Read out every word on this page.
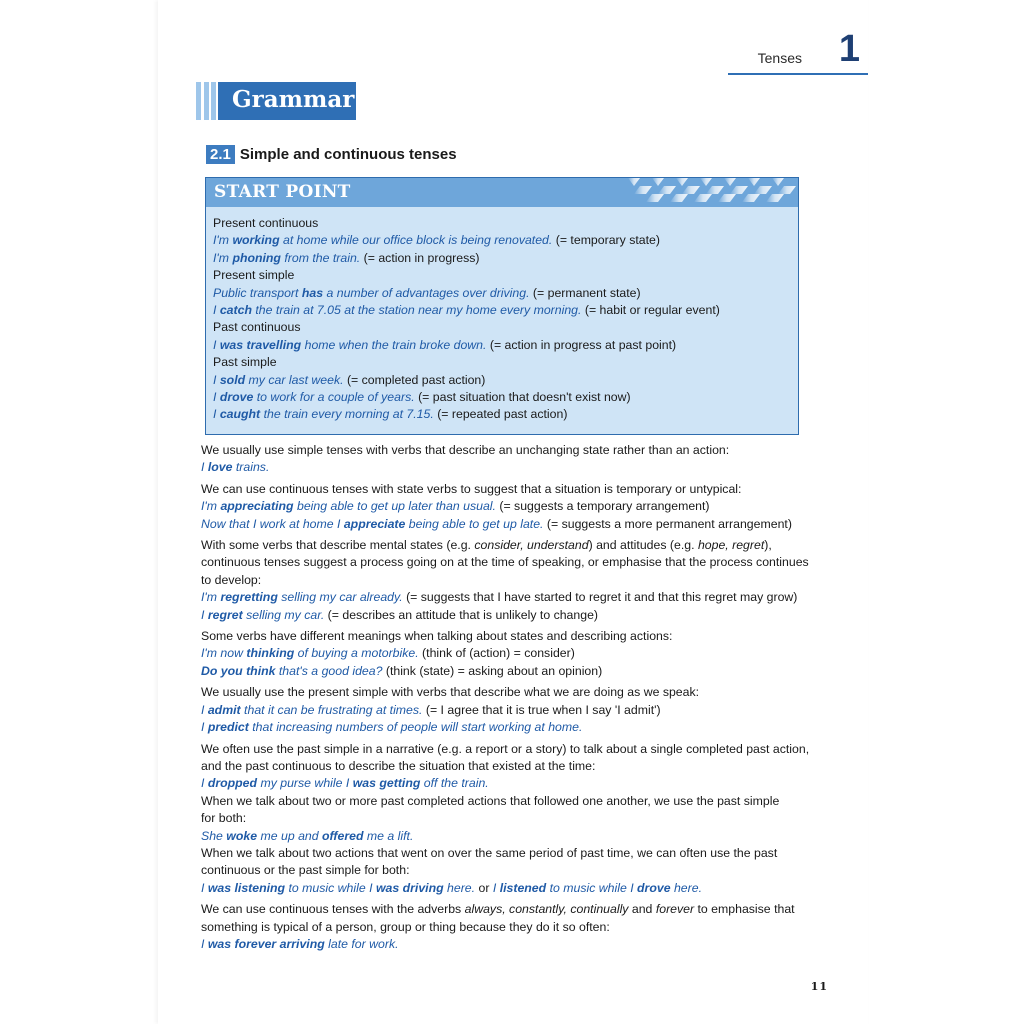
Tenses 1
Grammar
2.1 Simple and continuous tenses
START POINT
Present continuous
I'm working at home while our office block is being renovated. (= temporary state)
I'm phoning from the train. (= action in progress)
Present simple
Public transport has a number of advantages over driving. (= permanent state)
I catch the train at 7.05 at the station near my home every morning. (= habit or regular event)
Past continuous
I was travelling home when the train broke down. (= action in progress at past point)
Past simple
I sold my car last week. (= completed past action)
I drove to work for a couple of years. (= past situation that doesn't exist now)
I caught the train every morning at 7.15. (= repeated past action)
We usually use simple tenses with verbs that describe an unchanging state rather than an action:
I love trains.
We can use continuous tenses with state verbs to suggest that a situation is temporary or untypical:
I'm appreciating being able to get up later than usual. (= suggests a temporary arrangement)
Now that I work at home I appreciate being able to get up late. (= suggests a more permanent arrangement)
With some verbs that describe mental states (e.g. consider, understand) and attitudes (e.g. hope, regret),
continuous tenses suggest a process going on at the time of speaking, or emphasise that the process continues
to develop:
I'm regretting selling my car already. (= suggests that I have started to regret it and that this regret may grow)
I regret selling my car. (= describes an attitude that is unlikely to change)
Some verbs have different meanings when talking about states and describing actions:
I'm now thinking of buying a motorbike. (think of (action) = consider)
Do you think that's a good idea? (think (state) = asking about an opinion)
We usually use the present simple with verbs that describe what we are doing as we speak:
I admit that it can be frustrating at times. (= I agree that it is true when I say 'I admit')
I predict that increasing numbers of people will start working at home.
We often use the past simple in a narrative (e.g. a report or a story) to talk about a single completed past action,
and the past continuous to describe the situation that existed at the time:
I dropped my purse while I was getting off the train.
When we talk about two or more past completed actions that followed one another, we use the past simple
for both:
She woke me up and offered me a lift.
When we talk about two actions that went on over the same period of past time, we can often use the past
continuous or the past simple for both:
I was listening to music while I was driving here. or I listened to music while I drove here.
We can use continuous tenses with the adverbs always, constantly, continually and forever to emphasise that
something is typical of a person, group or thing because they do it so often:
I was forever arriving late for work.
11
